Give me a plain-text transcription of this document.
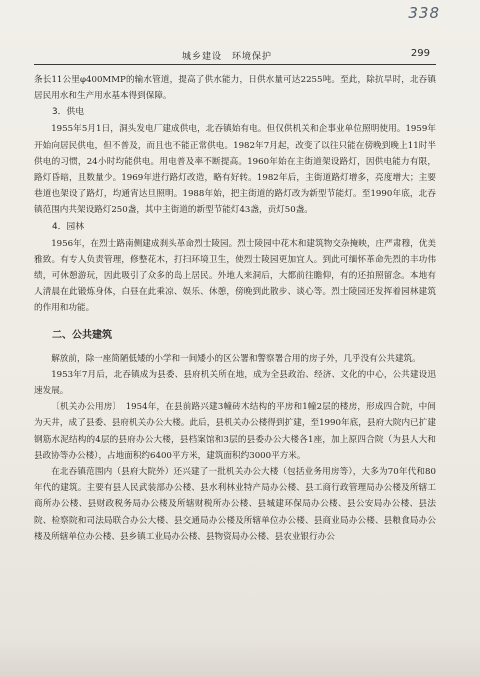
338
城乡建设　环境保护	299

条长11公里φ400MMP的输水管道，提高了供水能力，日供水量可达2255吨。至此，除抗旱时，北吞镇居民用水和生产用水基本得到保障。

3．供电

1955年5月1日，洞头发电厂建成供电，北吞镇始有电。但仅供机关和企事业单位照明使用。1959年开始向居民供电，但不普及，而且也不能正常供电。1982年7月起，改变了以往只能在傍晚到晚上11时半供电的习惯，24小时均能供电。用电普及率不断提高。1960年始在主街道架设路灯，因供电能力有限，路灯昏暗，且数量少。1969年进行路灯改造，略有好转。1982年后，主街道路灯增多，亮度增大；主要巷道也架设了路灯，均通宵达旦照明。1988年始，把主街道的路灯改为新型节能灯。至1990年底，北吞镇范围内共架设路灯250盏，其中主街道的新型节能灯43盏，贡灯50盏。

4．园林

1956年，在烈士路南侧建成刹头革命烈士陵园。烈士陵园中花木和建筑物交杂掩映，庄严肃穆，优美雅致。有专人负责管理，修整花木，打扫环境卫生，使烈士陵园更加宜人。到此可缅怀革命先烈的丰功伟绩，可休憩游玩，因此吸引了众多的岛上居民。外地人来洞后，大都前往瞻仰，有的还拍照留念。本地有人清晨在此锻炼身体，白昼在此乘凉、娱乐、休憩，傍晚到此散步、谈心等。烈士陵园还发挥着园林建筑的作用和功能。

二、公共建筑

解放前，除一座简陋低矮的小学和一间矮小的区公署和警察署合用的房子外，几乎没有公共建筑。

1953年7月后，北吞镇成为县委、县府机关所在地，成为全县政治、经济、文化的中心，公共建设迅速发展。

〔机关办公用房〕　 1954年，在县前路兴建3幢砖木结构的平房和1幢2层的楼房，形成四合院，中间为天井，成了县委、县府机关办公大楼。此后，县机关办公楼得到扩建，至1990年底，县府大院内已扩建钢筋水泥结构的4层的县府办公大楼，县档案馆和3层的县委办公大楼各1座，加上原四合院（为县人大和县政协等办公楼），占地面积约6400平方米，建筑面积约3000平方米。

在北吞镇范围内（县府大院外）还兴建了一批机关办公大楼（包括业务用房等），大多为70年代和80年代的建筑。主要有县人民武装部办公楼、县水利林业特产局办公楼、县工商行政管理局办公楼及所辖工商所办公楼、县财政税务局办公楼及所辖财税所办公楼、县城建环保局办公楼、县公安局办公楼、县法院、检察院和司法局联合办公大楼、县交通局办公楼及所辖单位办公楼、县商业局办公楼、县粮食局办公楼及所辖单位办公楼、县乡镇工业局办公楼、县物资局办公楼、县农业银行办公
